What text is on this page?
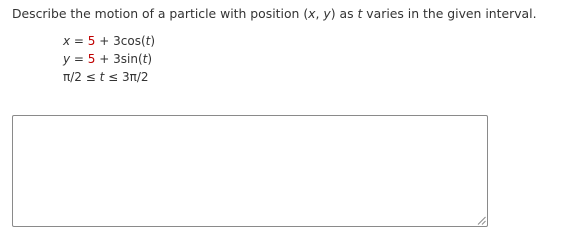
Describe the motion of a particle with position (x, y) as t varies in the given interval.
x = 5 + 3cos(t)
y = 5 + 3sin(t)
π/2 ≤ t ≤ 3π/2
